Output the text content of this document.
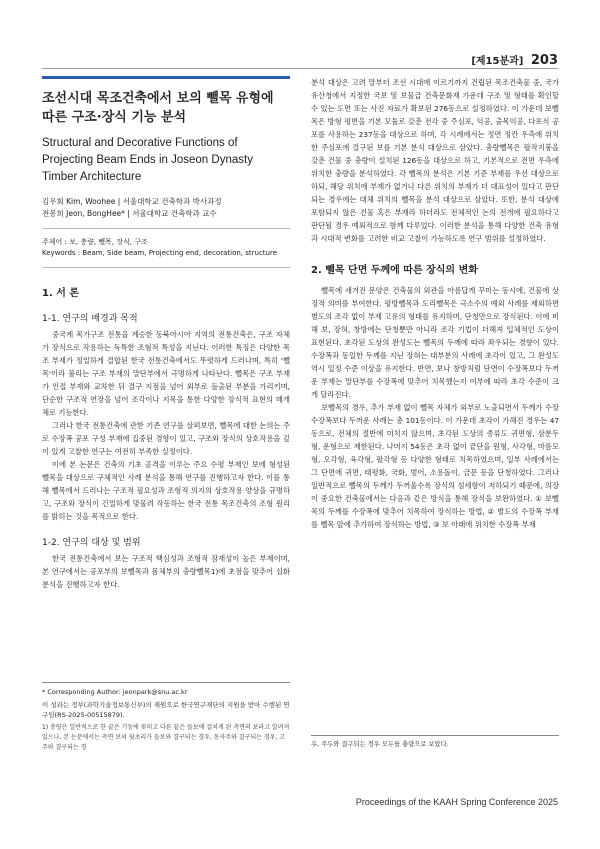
[제15분과] 203
조선시대 목조건축에서 보의 뺄목 유형에 따른 구조·장식 기능 분석
Structural and Decorative Functions of Projecting Beam Ends in Joseon Dynasty Timber Architecture
김우회 Kim, Woohee | 서울대학교 건축학과 박사과정
전봉희 Jeon, BongHee* | 서울대학교 건축학과 교수
주제어 : 보, 충량, 뺄목, 장식, 구조
Keywords : Beam, Side beam, Projecting end, decoration, structure
1. 서 론
1-1. 연구의 배경과 목적

중국계 목가구조 전통을 계승한 동북아시아 지역의 전통건축은, 구조 자체가 장식으로 작용하는 독특한 조형적 특성을 지닌다. 이러한 특징은 다양한 목조 부재가 정밀하게 결합된 한국 전통건축에서도 뚜렷하게 드러나며, 특히 '뺄목'이라 불리는 구조 부재의 말단부에서 극명하게 나타난다. 뺄목은 구조 부재가 인접 부재와 교차한 뒤 결구 지점을 넘어 외부로 돌출된 부분을 가리키며, 단순한 구조적 연장을 넘어 조각이나 지목을 통한 다양한 장식적 표현의 매개체로 기능한다.

그러나 한국 전통건축에 관한 기존 연구를 살펴보면, 뺄목에 대한 논의는 주로 수장폭 공포 구성 부재에 집중된 경향이 있고, 구조와 장식의 상호작용을 깊이 있게 고찰한 연구는 여전히 부족한 실정이다.

이에 본 논문은 건축의 기초 골격을 이루는 주요 수평 부재인 보에 형성된 뺄목을 대상으로 구체적인 사례 분석을 통해 연구를 진행하고자 한다. 이를 통해 뺄목에서 드러나는 구조적 필요성과 조형적 의지의 상호작용 양상을 규명하고, 구조와 장식이 긴밀하게 맞물려 작동하는 한국 전통 목조건축의 조형 원리를 밝히는 것을 목적으로 한다.

1-2. 연구의 대상 및 범위

한국 전통건축에서 보는 구조적 핵심성과 조형적 잠재성이 높은 부재이며, 본 연구에서는 공포부의 보뺄목과 몸체부의 충량뺄목1)에 초점을 맞추어 심화 분석을 진행하고자 한다.

* Corresponding Author: jeonpark@snu.ac.kr

이 성과는 정부(과학기술정보통신부)의 재원으로 한국연구재단의 지원을 받아 수행된 연구임(RS-2025-00515879).

1) 충량은 일반적으로 한 끝은 기둥에 꽂히고 다른 끝은 들보에 걸치게 된 측면의 보라고 알려져 있으나, 본 논문에서는 측면 보의 뒷초리가 들보와 결구되는 경우, 동자주와 결구되는 경우, 고주와 결구되는 경

분석 대상은 고려 말부터 조선 시대에 이르기까지 건립된 목조건축물 중, 국가유산청에서 지정한 국보 및 보물급 건축문화재 가운데 구조 및 형태를 확인할 수 있는 도면 또는 사진 자료가 확보된 276동으로 설정하였다. 이 가운데 보뺄목은 방형 평면을 기본 모듈로 갖춘 전각 중 주심포, 익공, 출목익공, 다포식 공포를 사용하는 237동을 대상으로 하며, 각 시례에서는 정면 정칸 우측에 위치한 주심포에 결구된 보를 기본 분석 대상으로 삼았다. 충량뺄목은 팔작지붕을 갖춘 건물 중 충량이 설치된 126동을 대상으로 하고, 기본적으로 전면 우측에 위치한 충량을 분석하였다. 각 뺄목의 분석은 기본 기준 부재를 우선 대상으로 하되, 해당 위치에 부재가 없거나 다른 위치의 부재가 더 대표성이 있다고 판단되는 경우에는 대체 위치의 뺄목을 분석 대상으로 삼았다. 또한, 분석 대상에 포함되지 않은 건물 혹은 부재라 하더라도 전체적인 논의 전개에 필요하다고 판단될 경우 예외적으로 함께 다루었다. 이러한 분석을 통해 다양한 건축 유형과 시대적 변화를 고려한 비교 고찰이 가능하도록 연구 범위를 설정하였다.

2. 뺄목 단면 두께에 따른 장식의 변화

뺄목에 새겨진 문양은 건축물의 외관을 아름답게 꾸미는 동시에, 건물에 상징적 의미를 부여한다. 평방뺄목과 도리뺄목은 극소수의 예외 사례를 제외하면 별도의 조각 없이 부재 고유의 형태를 유지하며, 단청만으로 장식된다. 이에 비해 보, 장혀, 창방에는 단청뿐만 아니라 조각 기법이 더해져 입체적인 도상이 표현된다. 초각된 도상의 완성도는 뺄목의 두께에 따라 좌우되는 경향이 있다. 수장폭과 동일한 두께를 지닌 장혀는 대부분의 사례에 초각이 있고, 그 완성도 역시 일정 수준 이상을 유지한다. 반면, 보나 창방처럼 단면이 수장폭보다 두꺼운 부재는 말단부를 수장폭에 맞추어 치목했는지 여부에 따라 초각 수준이 크게 달라진다.

보뺄목의 경우, 추가 부재 없이 뺄목 자체가 외부로 노출되면서 두께가 수장 수장폭보다 두꺼운 사례는 총 101동이다. 이 가운데 초각이 가해진 경우는 47동으로, 전체의 절반에 미치지 않으며, 초각된 도상의 종류도 귀면형, 삼분두형, 운형으로 제한된다. 나머지 54동은 초각 없이 끝단을 원형, 사각형, 마름모형, 오각형, 육각형, 팔각형 등 다양한 형태로 치목하였으며, 일부 사례에서는 그 단면에 귀면, 태평화, 국화, 범어, 소용돌이, 금문 등을 단청하였다. 그러나 일반적으로 뺄목의 두께가 두꺼울수록 장식의 섬세함이 저하되기 때문에, 의장이 중요한 건축물에서는 다음과 같은 방식을 통해 장식을 보완하였다. ① 보뺄목의 두께를 수장폭에 맞추어 치목하여 장식하는 방법, ② 별도의 수장폭 부재를 뺄목 앞에 추가하여 장식하는 방법, ③ 보 아래에 위치한 수장폭 부재

우, 주두와 결구되는 경우 모두를 충량으로 보았다.
Proceedings of the KAAH Spring Conference 2025
